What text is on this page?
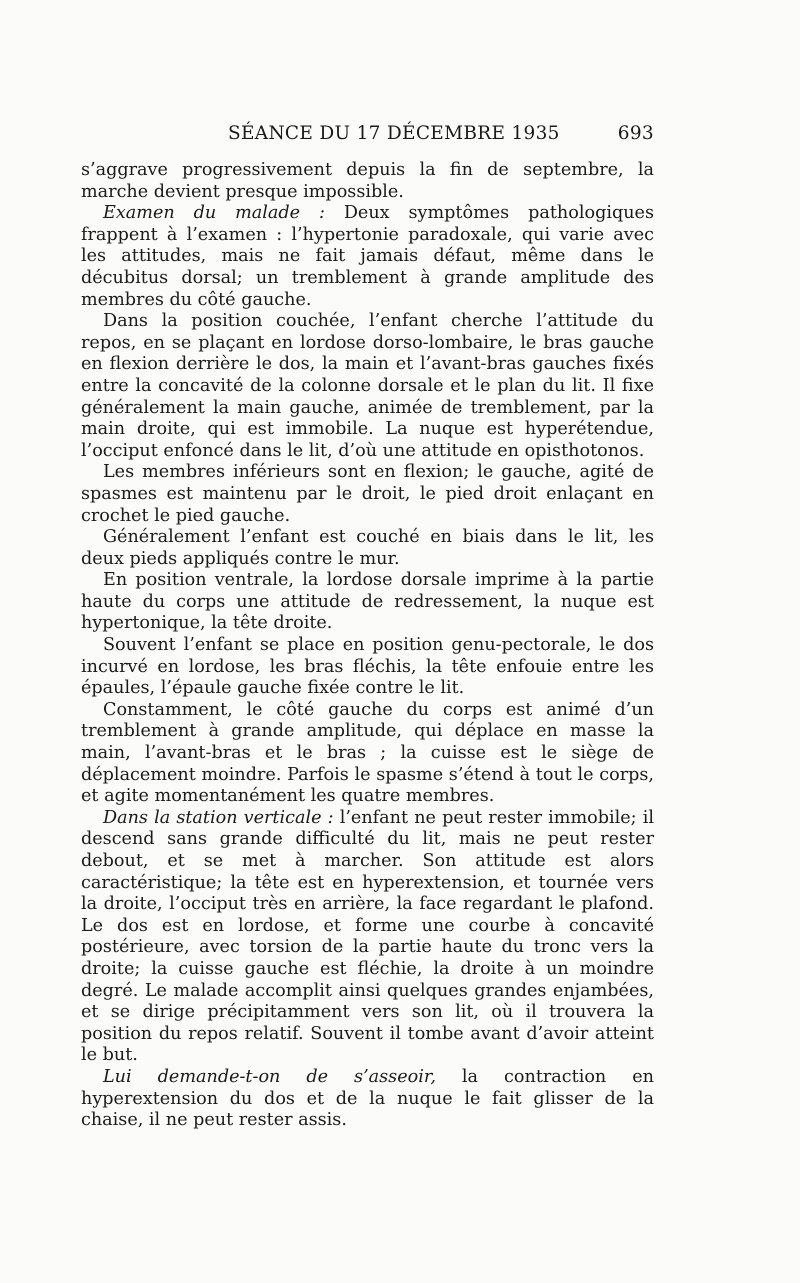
SÉANCE DU 17 DÉCEMBRE 1935	693

s’aggrave progressivement depuis la fin de septembre, la marche devient presque impossible.

Examen du malade : Deux symptômes pathologiques frappent à l’examen : l’hypertonie paradoxale, qui varie avec les attitudes, mais ne fait jamais défaut, même dans le décubitus dorsal; un tremblement à grande amplitude des membres du côté gauche.

Dans la position couchée, l’enfant cherche l’attitude du repos, en se plaçant en lordose dorso-lombaire, le bras gauche en flexion derrière le dos, la main et l’avant-bras gauches fixés entre la concavité de la colonne dorsale et le plan du lit. Il fixe généralement la main gauche, animée de tremblement, par la main droite, qui est immobile. La nuque est hyperétendue, l’occiput enfoncé dans le lit, d’où une attitude en opisthotonos.

Les membres inférieurs sont en flexion; le gauche, agité de spasmes est maintenu par le droit, le pied droit enlaçant en crochet le pied gauche.

Généralement l’enfant est couché en biais dans le lit, les deux pieds appliqués contre le mur.

En position ventrale, la lordose dorsale imprime à la partie haute du corps une attitude de redressement, la nuque est hypertonique, la tête droite.

Souvent l’enfant se place en position genu-pectorale, le dos incurvé en lordose, les bras fléchis, la tête enfouie entre les épaules, l’épaule gauche fixée contre le lit.

Constamment, le côté gauche du corps est animé d’un tremblement à grande amplitude, qui déplace en masse la main, l’avant-bras et le bras ; la cuisse est le siège de déplacement moindre. Parfois le spasme s’étend à tout le corps, et agite momentanément les quatre membres.

Dans la station verticale : l’enfant ne peut rester immobile; il descend sans grande difficulté du lit, mais ne peut rester debout, et se met à marcher. Son attitude est alors caractéristique; la tête est en hyperextension, et tournée vers la droite, l’occiput très en arrière, la face regardant le plafond. Le dos est en lordose, et forme une courbe à concavité postérieure, avec torsion de la partie haute du tronc vers la droite; la cuisse gauche est fléchie, la droite à un moindre degré. Le malade accomplit ainsi quelques grandes enjambées, et se dirige précipitamment vers son lit, où il trouvera la position du repos relatif. Souvent il tombe avant d’avoir atteint le but.

Lui demande-t-on de s’asseoir, la contraction en hyperextension du dos et de la nuque le fait glisser de la chaise, il ne peut rester assis.
